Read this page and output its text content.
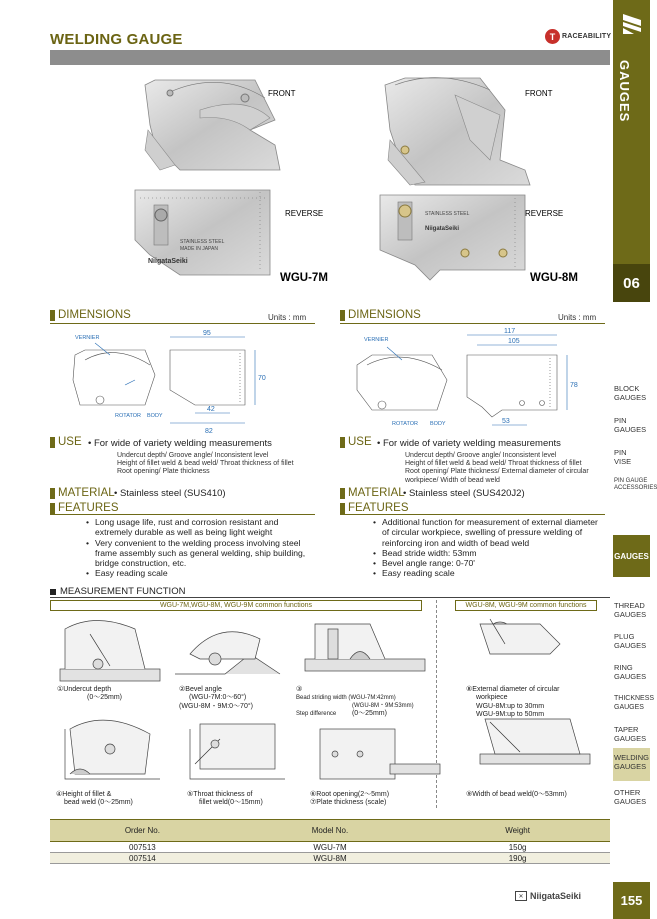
WELDING GAUGE	T RACEABILITY
GAUGES
06
BLOCK GAUGES
PIN GAUGES
PIN VISE
PIN GAUGE ACCESSORIES
GAUGES
THREAD GAUGES
PLUG GAUGES
RING GAUGES
THICKNESS GAUGES
TAPER GAUGES
WELDING GAUGES
OTHER GAUGES
STAINLESS STEEL
MADE IN JAPAN
NiigataSeiki
STAINLESS STEEL
NiigataSeiki
FRONT
REVERSE
FRONT
REVERSE
WGU-7M	WGU-8M
DIMENSIONS	Units : mm
95
70
42
82
VERNIER
ROTATOR BODY
USE • For wide of variety welding measurements
Undercut depth/ Groove angle/ Inconsistent level
Height of fillet weld & bead weld/ Throat thickness of fillet
Root opening/ Plate thickness
MATERIAL • Stainless steel (SUS410)
FEATURES
• Long usage life, rust and corrosion resistant and extremely durable as well as being light weight
• Very convenient to the welding process involving steel frame assembly such as general welding, ship building, bridge construction, etc.
• Easy reading scale
DIMENSIONS	Units : mm
117
105
78
53
VERNIER
ROTATOR BODY
USE • For wide of variety welding measurements
Undercut depth/ Groove angle/ Inconsistent level
Height of fillet weld & bead weld/ Throat thickness of fillet
Root opening/ Plate thickness/ External diameter of circular
workpiece/ Width of bead weld
MATERIAL
• Stainless steel (SUS420J2)
FEATURES
• Additional function for measurement of external diameter of circular workpiece, swelling of pressure welding of reinforcing iron and width of bead weld
• Bead stride width: 53mm
• Bevel angle range: 0-70'
• Easy reading scale
MEASUREMENT FUNCTION
WGU-7M,WGU-8M, WGU-9M common functions	WGU-8M, WGU-9M common functions
①Undercut depth
(0～25mm)
②Bevel angle
(WGU-7M:0～60°)
(WGU-8M・9M:0～70°)
③
Bead striding width (WGU-7M:42mm)
(WGU-8M・9M:53mm)
Step difference (0～25mm)
④Height of fillet &
bead weld (0～25mm)
⑤Throat thickness of
fillet weld(0～15mm)
⑥Root opening(2～5mm)
⑦Plate thickness (scale)
⑧External diameter of circular
workpiece
WGU-8M:up to 30mm
WGU-9M:up to 50mm
⑨Width of bead weld(0～53mm)
Order No.	Model No.	Weight
007513	WGU-7M	150g
007514	WGU-8M	190g
✕ NiigataSeiki	155
